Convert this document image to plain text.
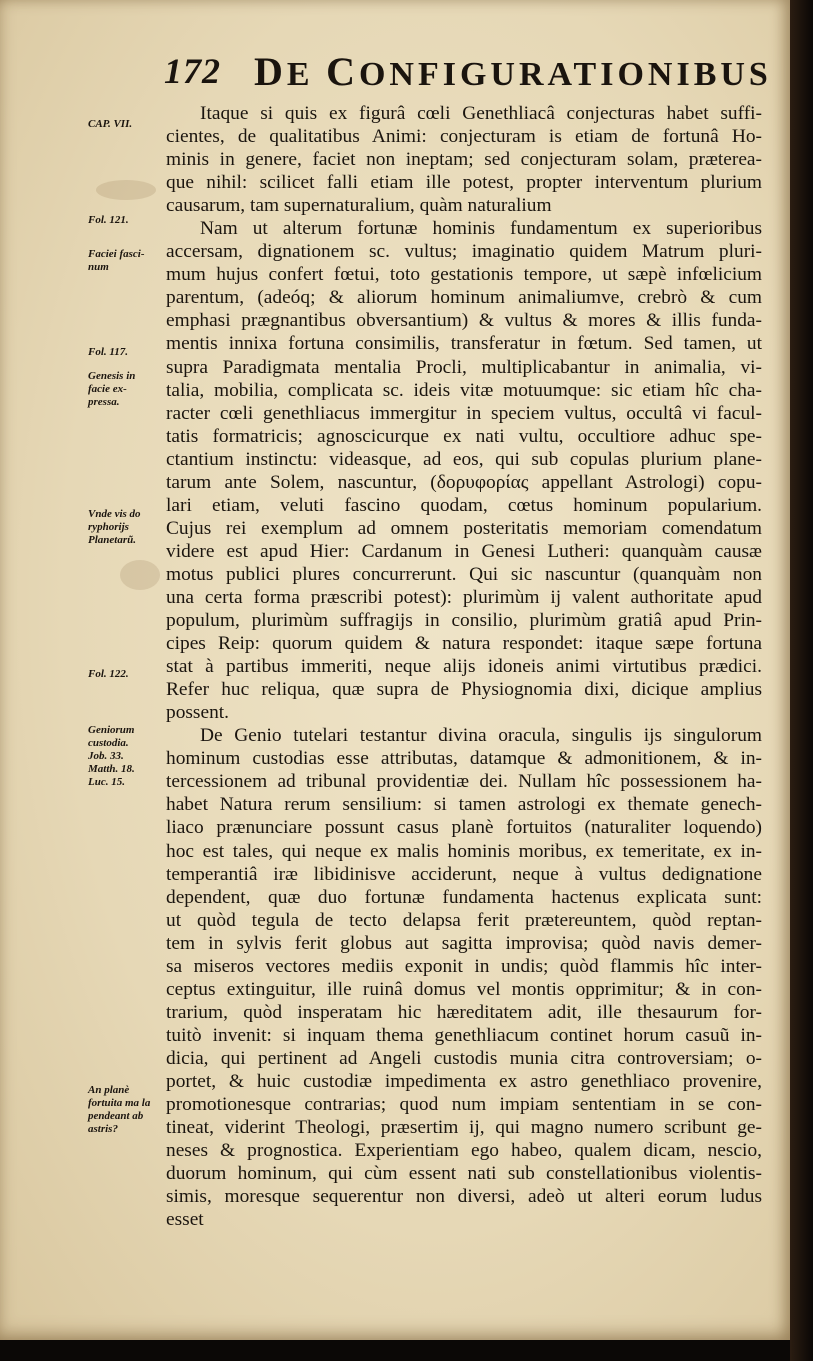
172 DE CONFIGURATIONIBUS
CAP. VII.
Fol. 121.
Faciei fasci- num
Fol. 117.
Genesis in facie ex- pressa.
Vnde vis do ryphorijs Planetarũ.
Fol. 122.
Geniorum custodia. Job. 33. Matth. 18. Luc. 15.
An planè fortuita ma la pendeant ab astris?
Itaque si quis ex figurâ cœli Genethliacâ conjecturas habet suffi-
cientes, de qualitatibus Animi: conjecturam is etiam de fortunâ Ho-
minis in genere, faciet non ineptam; sed conjecturam solam, præterea-
que nihil: scilicet falli etiam ille potest, propter interventum plurium
causarum, tam supernaturalium, quàm naturalium
Nam ut alterum fortunæ hominis fundamentum ex superioribus
accersam, dignationem sc. vultus; imaginatio quidem Matrum pluri-
mum hujus confert fœtui, toto gestationis tempore, ut sæpè infœlicium
parentum, (adeóq; & aliorum hominum animaliumve, crebrò & cum
emphasi prægnantibus obversantium) & vultus & mores & illis funda-
mentis innixa fortuna consimilis, transferatur in fœtum. Sed tamen, ut
supra Paradigmata mentalia Procli, multiplicabantur in animalia, vi-
talia, mobilia, complicata sc. ideis vitæ motuumque: sic etiam hîc cha-
racter cœli genethliacus immergitur in speciem vultus, occultâ vi facul-
tatis formatricis; agnoscicurque ex nati vultu, occultiore adhuc spe-
ctantium instinctu: videasque, ad eos, qui sub copulas plurium plane-
tarum ante Solem, nascuntur, (δορυφορίας appellant Astrologi) copu-
lari etiam, veluti fascino quodam, cœtus hominum popularium.
Cujus rei exemplum ad omnem posteritatis memoriam comendatum
videre est apud Hier: Cardanum in Genesi Lutheri: quanquàm causæ
motus publici plures concurrerunt. Qui sic nascuntur (quanquàm non
una certa forma præscribi potest): plurimùm ij valent authoritate apud
populum, plurimùm suffragijs in consilio, plurimùm gratiâ apud Prin-
cipes Reip: quorum quidem & natura respondet: itaque sæpe fortuna
stat à partibus immeriti, neque alijs idoneis animi virtutibus prædici.
Refer huc reliqua, quæ supra de Physiognomia dixi, dicique amplius
possent.
De Genio tutelari testantur divina oracula, singulis ijs singulorum
hominum custodias esse attributas, datamque & admonitionem, & in-
tercessionem ad tribunal providentiæ dei. Nullam hîc possessionem ha-
habet Natura rerum sensilium: si tamen astrologi ex themate genech-
liaco prænunciare possunt casus planè fortuitos (naturaliter loquendo)
hoc est tales, qui neque ex malis hominis moribus, ex temeritate, ex in-
temperantiâ iræ libidinisve acciderunt, neque à vultus dedignatione
dependent, quæ duo fortunæ fundamenta hactenus explicata sunt:
ut quòd tegula de tecto delapsa ferit prætereuntem, quòd reptan-
tem in sylvis ferit globus aut sagitta improvisa; quòd navis demer-
sa miseros vectores mediis exponit in undis; quòd flammis hîc inter-
ceptus extinguitur, ille ruinâ domus vel montis opprimitur; & in con-
trarium, quòd insperatam hic hæreditatem adit, ille thesaurum for-
tuitò invenit: si inquam thema genethliacum continet horum casuũ in-
dicia, qui pertinent ad Angeli custodis munia citra controversiam; o-
portet, & huic custodiæ impedimenta ex astro genethliaco provenire,
promotionesque contrarias; quod num impiam sententiam in se con-
tineat, viderint Theologi, præsertim ij, qui magno numero scribunt ge-
neses & prognostica. Experientiam ego habeo, qualem dicam, nescio,
duorum hominum, qui cùm essent nati sub constellationibus violentis-
simis, moresque sequerentur non diversi, adeò ut alteri eorum ludus
esset
